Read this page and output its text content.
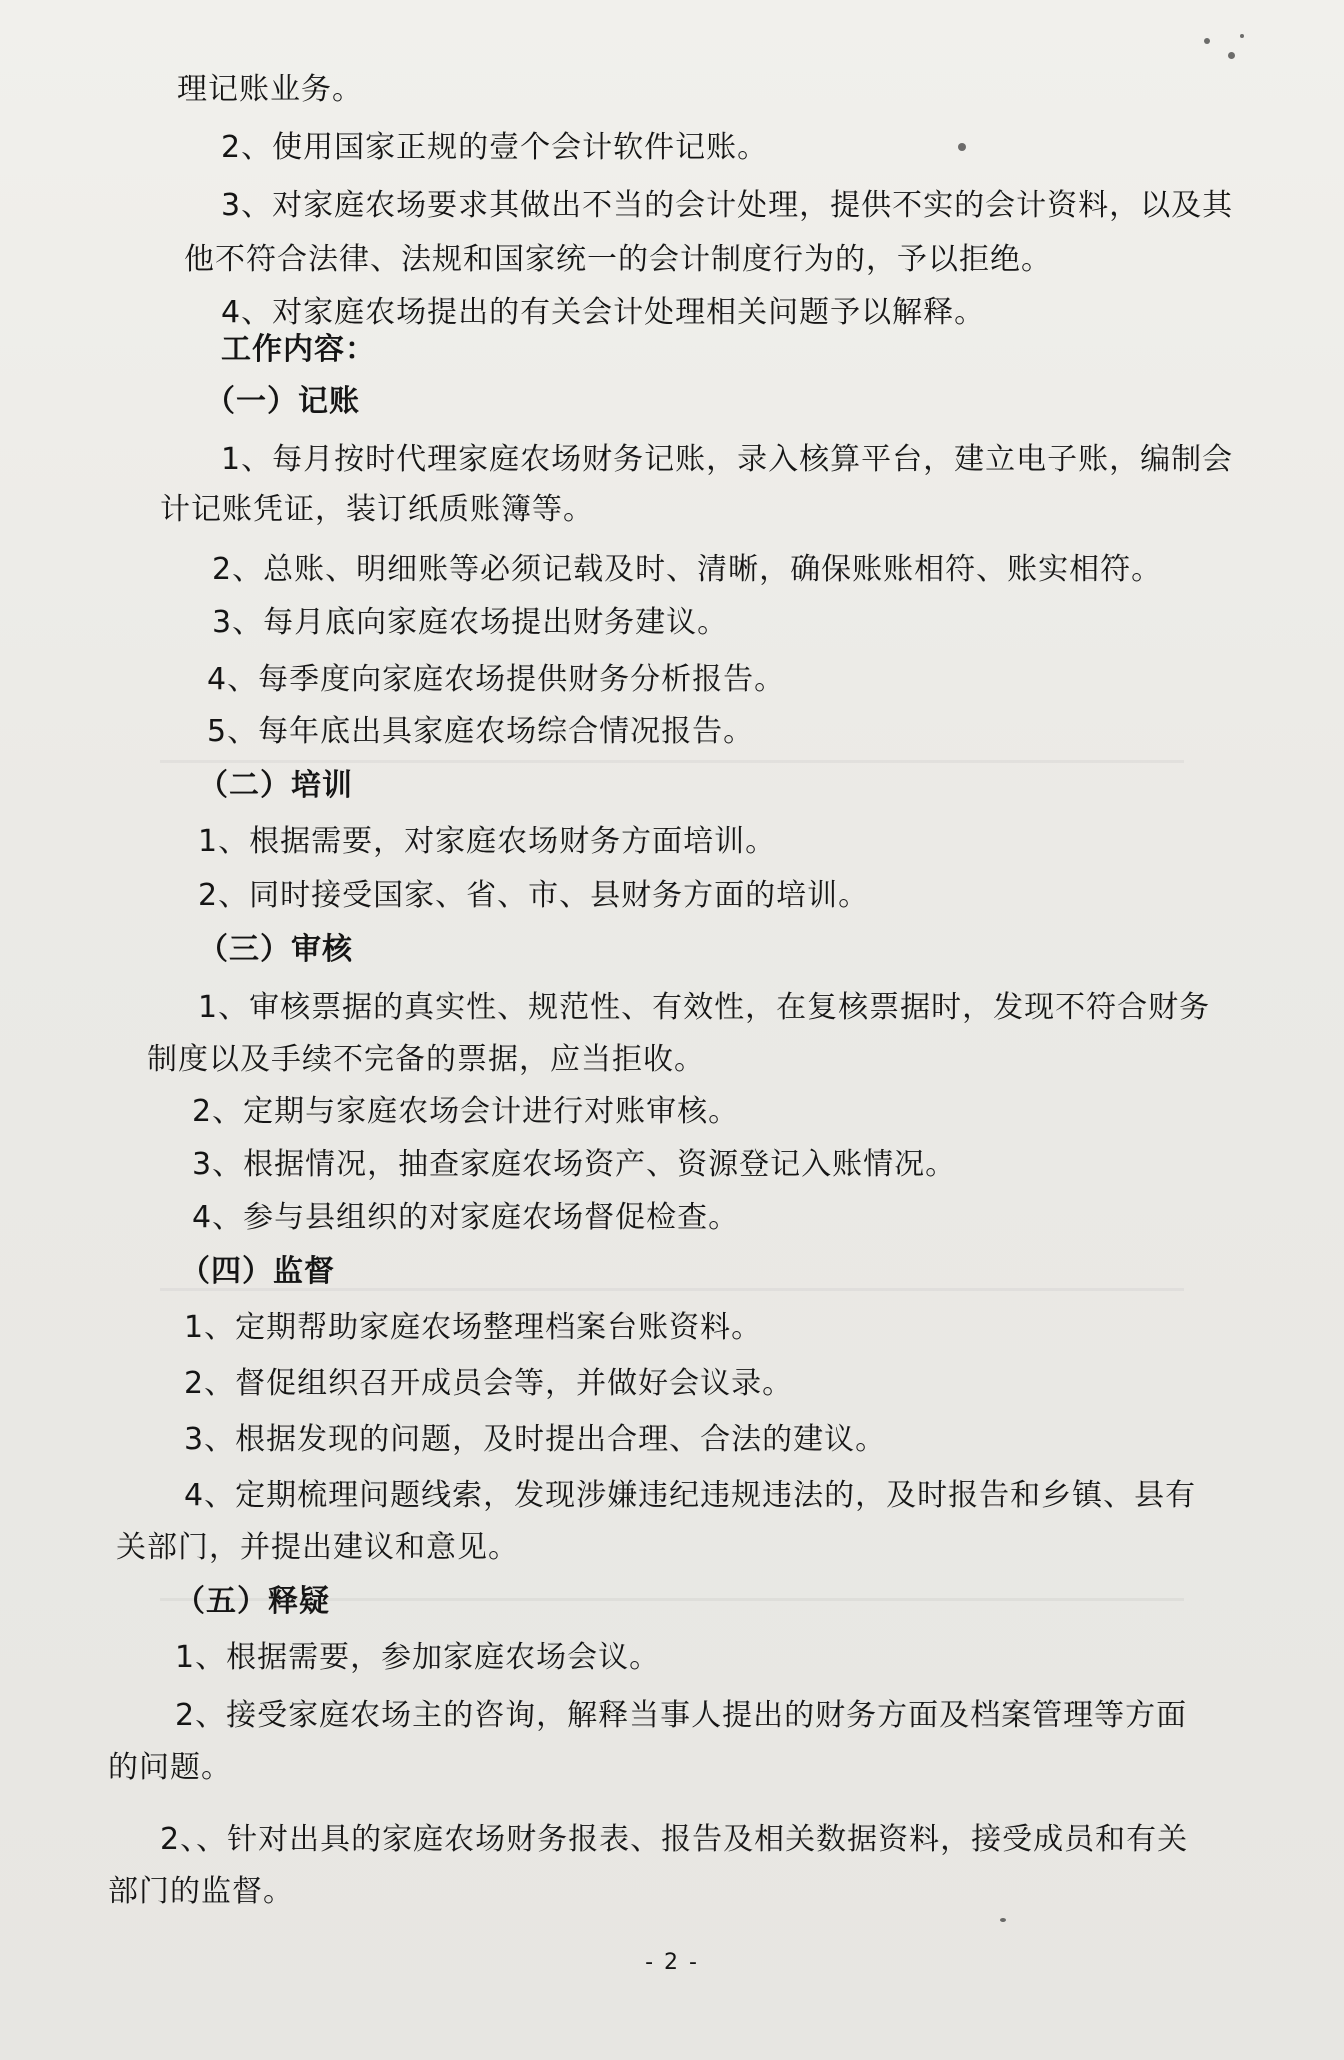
理记账业务。
2、使用国家正规的壹个会计软件记账。
3、对家庭农场要求其做出不当的会计处理，提供不实的会计资料，以及其
他不符合法律、法规和国家统一的会计制度行为的，予以拒绝。
4、对家庭农场提出的有关会计处理相关问题予以解释。
工作内容：
（一）记账
1、每月按时代理家庭农场财务记账，录入核算平台，建立电子账，编制会
计记账凭证，装订纸质账簿等。
2、总账、明细账等必须记载及时、清晰，确保账账相符、账实相符。
3、每月底向家庭农场提出财务建议。
4、每季度向家庭农场提供财务分析报告。
5、每年底出具家庭农场综合情况报告。
（二）培训
1、根据需要，对家庭农场财务方面培训。
2、同时接受国家、省、市、县财务方面的培训。
（三）审核
1、审核票据的真实性、规范性、有效性，在复核票据时，发现不符合财务
制度以及手续不完备的票据，应当拒收。
2、定期与家庭农场会计进行对账审核。
3、根据情况，抽查家庭农场资产、资源登记入账情况。
4、参与县组织的对家庭农场督促检查。
（四）监督
1、定期帮助家庭农场整理档案台账资料。
2、督促组织召开成员会等，并做好会议录。
3、根据发现的问题，及时提出合理、合法的建议。
4、定期梳理问题线索，发现涉嫌违纪违规违法的，及时报告和乡镇、县有
关部门，并提出建议和意见。
（五）释疑
1、根据需要，参加家庭农场会议。
2、接受家庭农场主的咨询，解释当事人提出的财务方面及档案管理等方面
的问题。
2、、针对出具的家庭农场财务报表、报告及相关数据资料，接受成员和有关
部门的监督。
- 2 -
